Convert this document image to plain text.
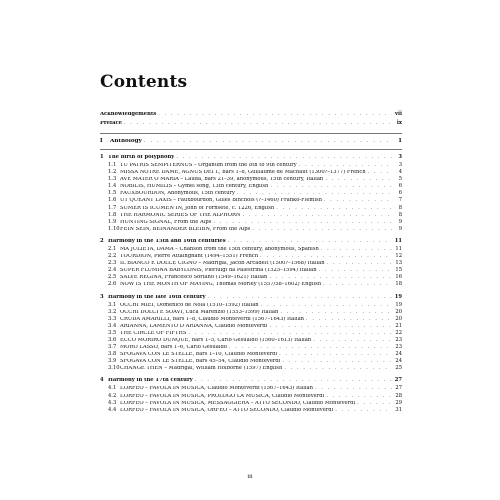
Contents
Acknowledgements . . .	vii
Preface . . .	ix
I	Anthology . . .	1
1 The birth of polyphony . . .	3
1.1 TU PATRIS SEMPITERNUS – Organum from the 8th to 9th century . . .	3
1.2 MISSA NOTRE DAME, AGNUS DEI I., bars 1–8, Guillaume de Machaut (1300?–1377) French . . .	4
1.3 AVE MATER O MARIA – Lauda, bars 21–39, anonymous, 15th century, Italian . . .	5
1.4 NOBILIS, HUMILIS – Gymel song, 13th century, English . . .	6
1.5 FAUXBOURDON, Anonymous, 15th century . . .	6
1.6 UT QUEANT LAXIS – Fauxbourdon, Gilles Binchois (?–1460) Franko-Flemish . . .	7
1.7 SUMER IS ICUMEN IN, John of Fornsete, c. 1226, English . . .	8
1.8 THE HARMONIC SERIES OF THE ALPHORN . . .	8
1.9 HUNTING SIGNAL, From the Alps . . .	9
1.10 FEIN SEIN, BEINANDER BLEIBN, From the Alps . . .	9
2 Harmony in the 15th and 16th centuries . . .	11
2.1 MA JULIETA, DAMA – Chanson from the 15th century, anonymous, Spanish . . .	11
2.2 TOURDION, Pierre Attaingnant (1494–1551) French . . .	12
2.3 IL BIANCO E DOLCE CIGNO – Madrigal, Jacob Arcadelt (1500?–1568) Italian . . .	13
2.4 SUPER FLUMINA BABYLONIS, Pierluigi da Palestrina (1525–1594) Italian . . .	15
2.5 SALVE REGINA, Francesco Soriano (1549–1621) Italian . . .	16
2.6 NOW IS THE MONTH OF MAYING, Thomas Morley (1557/58–1602) English . . .	18
3 Harmony in the late 16th century . . .	19
3.1 OCCHI MIEI, Domenico de Nola (1510–1592) Italian . . .	19
3.2 OCCHI DOLCI E SOAVI, Luca Marenzio (1553–1599) Italian . . .	20
3.3 CRUDA AMARILLI, bars 1–8, Claudio Monteverdi (1567–1643) Italian . . .	20
3.4 ARIANNA, LAMENTO D’ARIANNA, Claudio Monteverdi . . .	21
3.5 THE CIRCLE OF FIFTHS . . .	22
3.6 ECCO MORIRO DUNQUE, bars 1–5, Carlo Gesualdo (1560–1613) Italian . . .	23
3.7 MORO LASSO, bars 1–6, Carlo Gesualdo . . .	23
3.8 SFOGAVA CON LE STELLE, bars 1–10, Claudio Monteverdi . . .	24
3.9 SFOGAVA CON LE STELLE, bars 45–54, Claudio Monteverdi . . .	24
3.10 CHANGE THEN – Madrigal, William Holborne (1597) English . . .	25
4 Harmony in the 17th century . . .	27
4.1 L’ORFEO – FAVOLA IN MUSICA, Claudio Monteverdi (1567–1643) Italian . . .	27
4.2 L’ORFEO – FAVOLA IN MUSICA, PROLOGO LA MUSICA, Claudio Monteverdi . . .	28
4.3 L’ORFEO – FAVOLA IN MUSICA, MESSAGGIERA – ATTO SECONDO, Claudio Monteverdi . . .	29
4.4 L’ORFEO – FAVOLA IN MUSICA, ORFEO – ATTO SECONDO, Claudio Monteverdi . . .	31
iii
